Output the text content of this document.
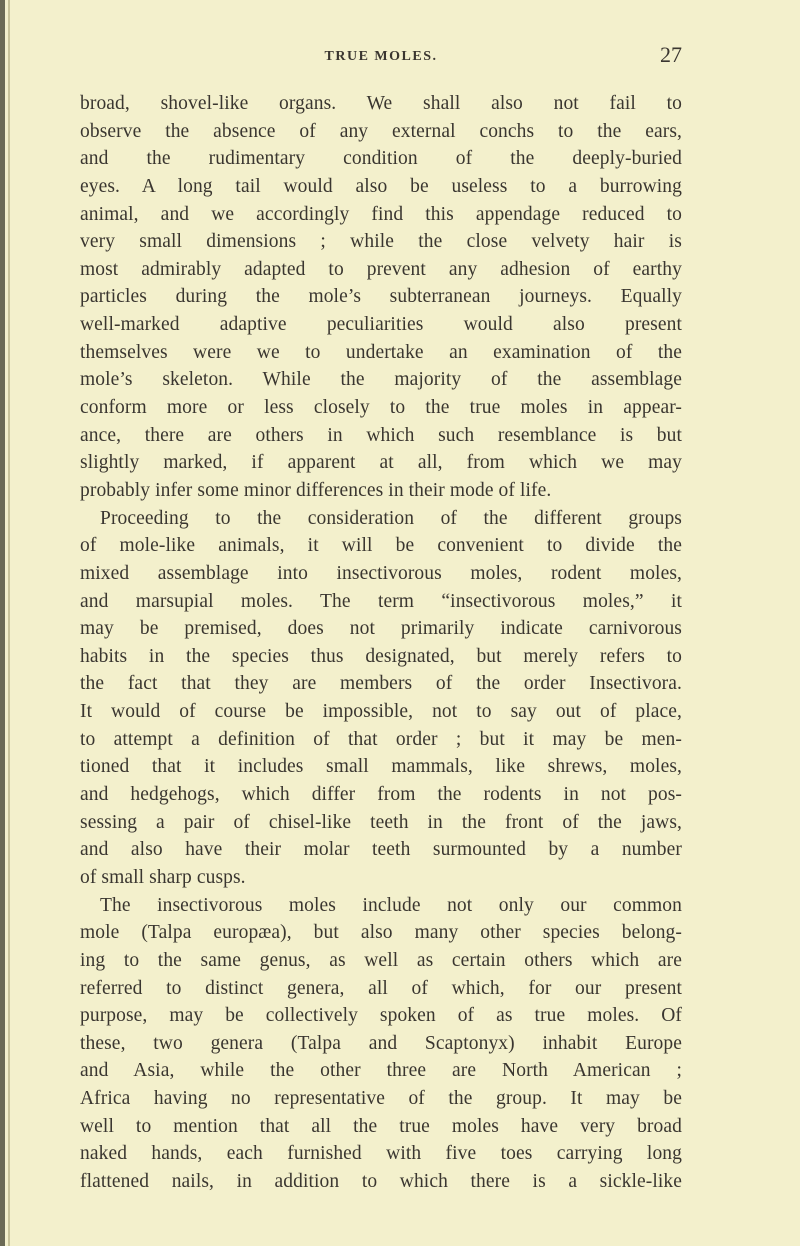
TRUE MOLES.	27
broad, shovel-like organs. We shall also not fail to
observe the absence of any external conchs to the ears,
and the rudimentary condition of the deeply-buried
eyes. A long tail would also be useless to a burrowing
animal, and we accordingly find this appendage reduced to
very small dimensions ; while the close velvety hair is
most admirably adapted to prevent any adhesion of earthy
particles during the mole’s subterranean journeys. Equally
well-marked adaptive peculiarities would also present
themselves were we to undertake an examination of the
mole’s skeleton. While the majority of the assemblage
conform more or less closely to the true moles in appear-
ance, there are others in which such resemblance is but
slightly marked, if apparent at all, from which we may
probably infer some minor differences in their mode of life.
Proceeding to the consideration of the different groups
of mole-like animals, it will be convenient to divide the
mixed assemblage into insectivorous moles, rodent moles,
and marsupial moles. The term “insectivorous moles,” it
may be premised, does not primarily indicate carnivorous
habits in the species thus designated, but merely refers to
the fact that they are members of the order Insectivora.
It would of course be impossible, not to say out of place,
to attempt a definition of that order ; but it may be men-
tioned that it includes small mammals, like shrews, moles,
and hedgehogs, which differ from the rodents in not pos-
sessing a pair of chisel-like teeth in the front of the jaws,
and also have their molar teeth surmounted by a number
of small sharp cusps.
The insectivorous moles include not only our common
mole (Talpa europæa), but also many other species belong-
ing to the same genus, as well as certain others which are
referred to distinct genera, all of which, for our present
purpose, may be collectively spoken of as true moles. Of
these, two genera (Talpa and Scaptonyx) inhabit Europe
and Asia, while the other three are North American ;
Africa having no representative of the group. It may be
well to mention that all the true moles have very broad
naked hands, each furnished with five toes carrying long
flattened nails, in addition to which there is a sickle-like
